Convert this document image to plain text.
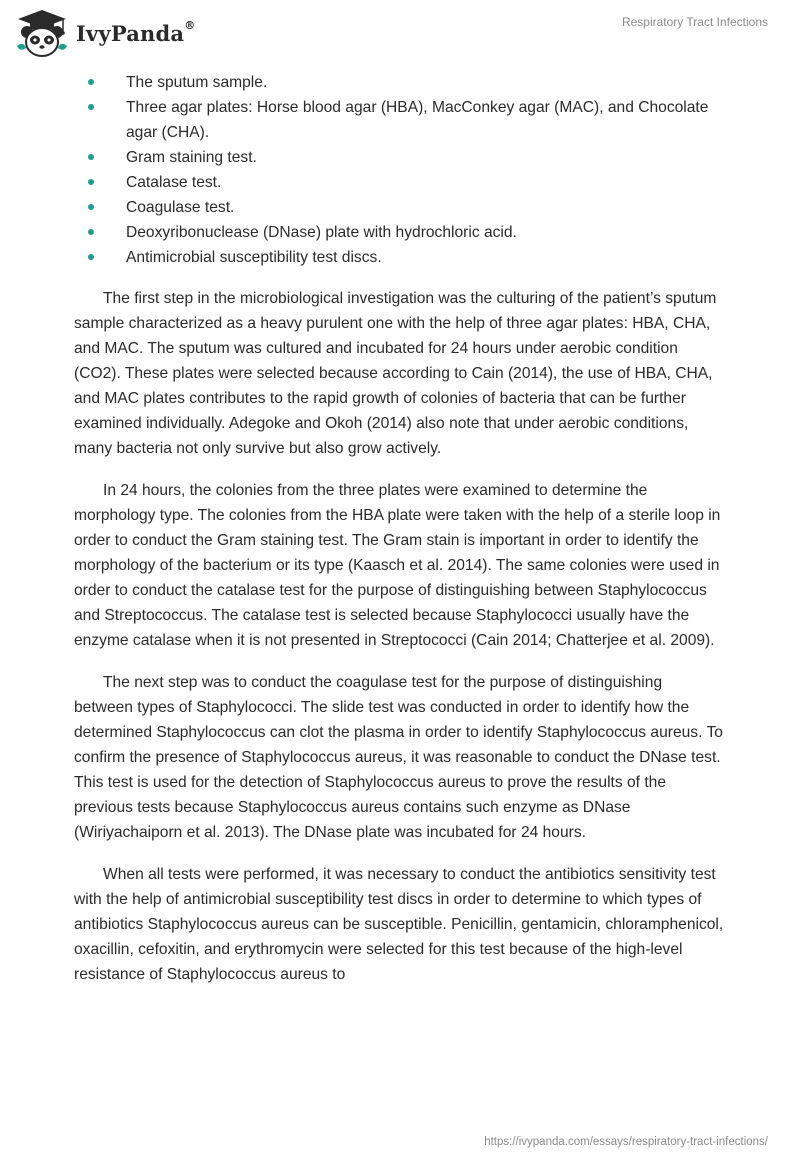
IvyPanda®	Respiratory Tract Infections
The sputum sample.
Three agar plates: Horse blood agar (HBA), MacConkey agar (MAC), and Chocolate agar (CHA).
Gram staining test.
Catalase test.
Coagulase test.
Deoxyribonuclease (DNase) plate with hydrochloric acid.
Antimicrobial susceptibility test discs.

The first step in the microbiological investigation was the culturing of the patient’s sputum sample characterized as a heavy purulent one with the help of three agar plates: HBA, CHA, and MAC. The sputum was cultured and incubated for 24 hours under aerobic condition (CO2). These plates were selected because according to Cain (2014), the use of HBA, CHA, and MAC plates contributes to the rapid growth of colonies of bacteria that can be further examined individually. Adegoke and Okoh (2014) also note that under aerobic conditions, many bacteria not only survive but also grow actively.

In 24 hours, the colonies from the three plates were examined to determine the morphology type. The colonies from the HBA plate were taken with the help of a sterile loop in order to conduct the Gram staining test. The Gram stain is important in order to identify the morphology of the bacterium or its type (Kaasch et al. 2014). The same colonies were used in order to conduct the catalase test for the purpose of distinguishing between Staphylococcus and Streptococcus. The catalase test is selected because Staphylococci usually have the enzyme catalase when it is not presented in Streptococci (Cain 2014; Chatterjee et al. 2009).

The next step was to conduct the coagulase test for the purpose of distinguishing between types of Staphylococci. The slide test was conducted in order to identify how the determined Staphylococcus can clot the plasma in order to identify Staphylococcus aureus. To confirm the presence of Staphylococcus aureus, it was reasonable to conduct the DNase test. This test is used for the detection of Staphylococcus aureus to prove the results of the previous tests because Staphylococcus aureus contains such enzyme as DNase (Wiriyachaiporn et al. 2013). The DNase plate was incubated for 24 hours.

When all tests were performed, it was necessary to conduct the antibiotics sensitivity test with the help of antimicrobial susceptibility test discs in order to determine to which types of antibiotics Staphylococcus aureus can be susceptible. Penicillin, gentamicin, chloramphenicol, oxacillin, cefoxitin, and erythromycin were selected for this test because of the high-level resistance of Staphylococcus aureus to

https://ivypanda.com/essays/respiratory-tract-infections/
